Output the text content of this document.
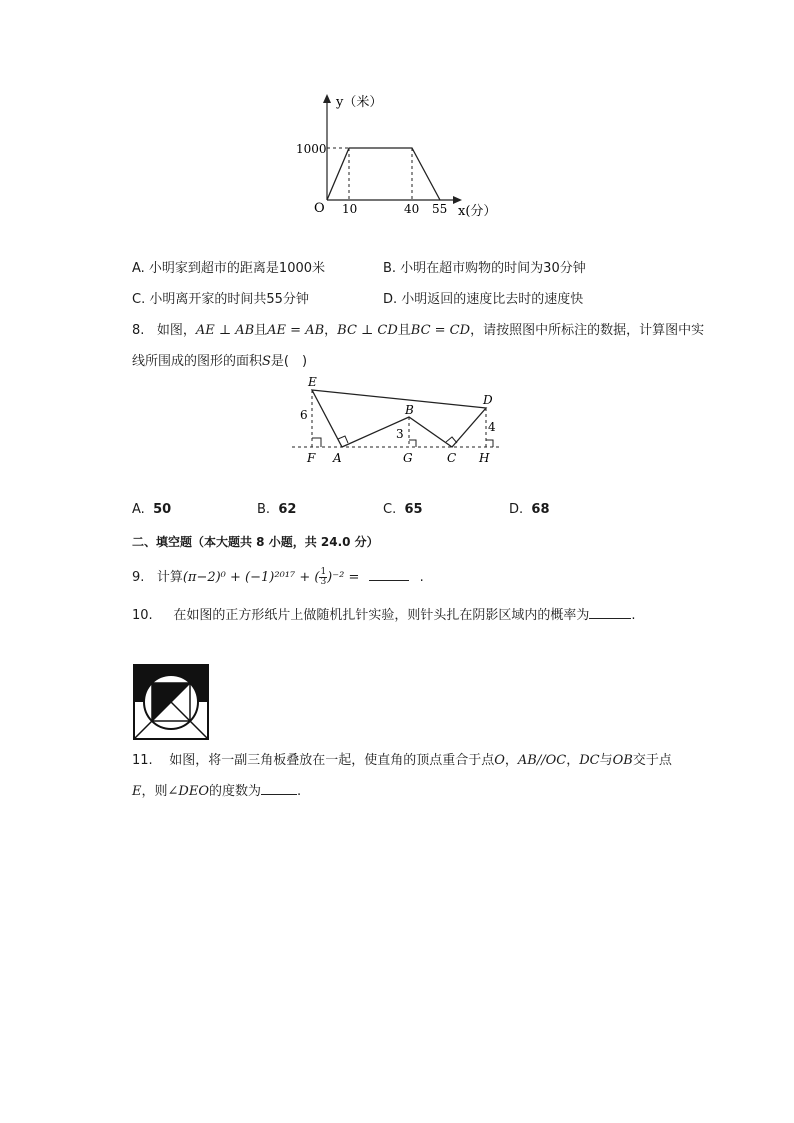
y（米）
1000
O 10	40 55 x(分）
A. 小明家到超市的距离是1000米	B. 小明在超市购物的时间为30分钟
C. 小明离开家的时间共55分钟	D. 小明返回的速度比去时的速度快
8. 如图，AE ⊥ AB且AE = AB，BC ⊥ CD且BC = CD，请按照图中所标注的数据，计算图中实
线所围成的图形的面积S是(　)
E
D
B
F A	G	C H
6
3	4
A. 50	B. 62	C. 65	D. 68
二、填空题（本大题共 8 小题，共 24.0 分）
9. 计算(π−2)⁰ + (−1)²⁰¹⁷ + ( $\frac{1}{3} )^{-2}$ =	.
10. 在如图的正方形纸片上做随机扎针实验，则针头扎在阴影区域内的概率为	.
11. 如图，将一副三角板叠放在一起，使直角的顶点重合于点O，AB//OC，DC与OB交于点
E，则∠DEO的度数为	.
